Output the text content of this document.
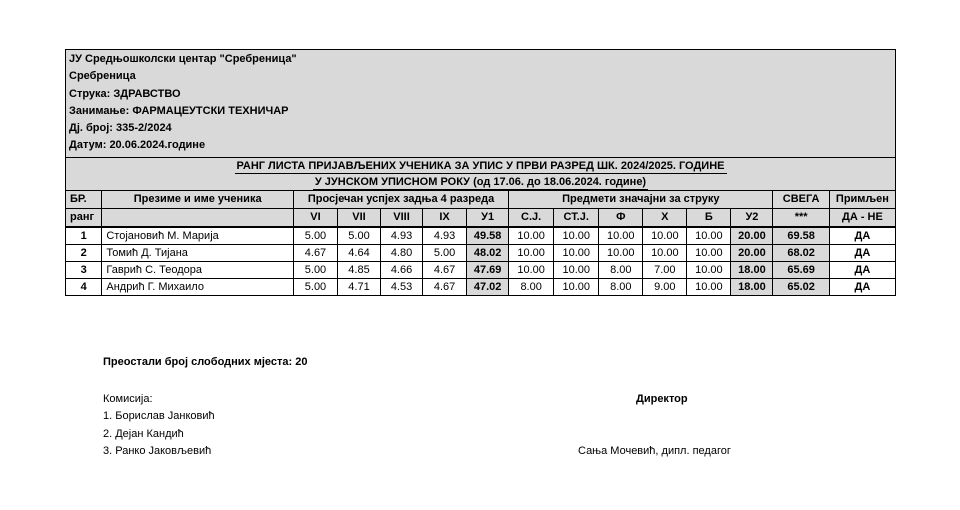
ЈУ Средњошколски центар "Сребреница"
Сребреница
Струка: ЗДРАВСТВО
Занимање: ФАРМАЦЕУТСКИ ТЕХНИЧАР
Дј. број: 335-2/2024
Датум: 20.06.2024.године
РАНГ ЛИСТА ПРИЈАВЉЕНИХ УЧЕНИКА ЗА УПИС У ПРВИ РАЗРЕД ШК. 2024/2025. ГОДИНЕ
У ЈУНСКОМ УПИСНОМ РОКУ (од 17.06. до 18.06.2024. године)
БР.	Презиме и име ученика	Просјечан успјех задња 4 разреда					Предмети значајни за струку						СВЕГА	Примљен
ранг		VI	VII	VIII	IX	У1	С.Ј.	СТ.Ј.	Ф	Х	Б	У2	***	ДА - НЕ
1	Стојановић М. Марија	5.00	5.00	4.93	4.93	49.58	10.00	10.00	10.00	10.00	10.00	20.00	69.58	ДА
2	Томић Д. Тијана	4.67	4.64	4.80	5.00	48.02	10.00	10.00	10.00	10.00	10.00	20.00	68.02	ДА
3	Гаврић С. Теодора	5.00	4.85	4.66	4.67	47.69	10.00	10.00	8.00	7.00	10.00	18.00	65.69	ДА
4	Андрић Г. Михаило	5.00	4.71	4.53	4.67	47.02	8.00	10.00	8.00	9.00	10.00	18.00	65.02	ДА
Преостали број слободних мјеста: 20
Комисија:
1. Борислав Јанковић
2. Дејан Кандић
3. Ранко Јаковљевић
Директор
Сања Мочевић, дипл. педагог
